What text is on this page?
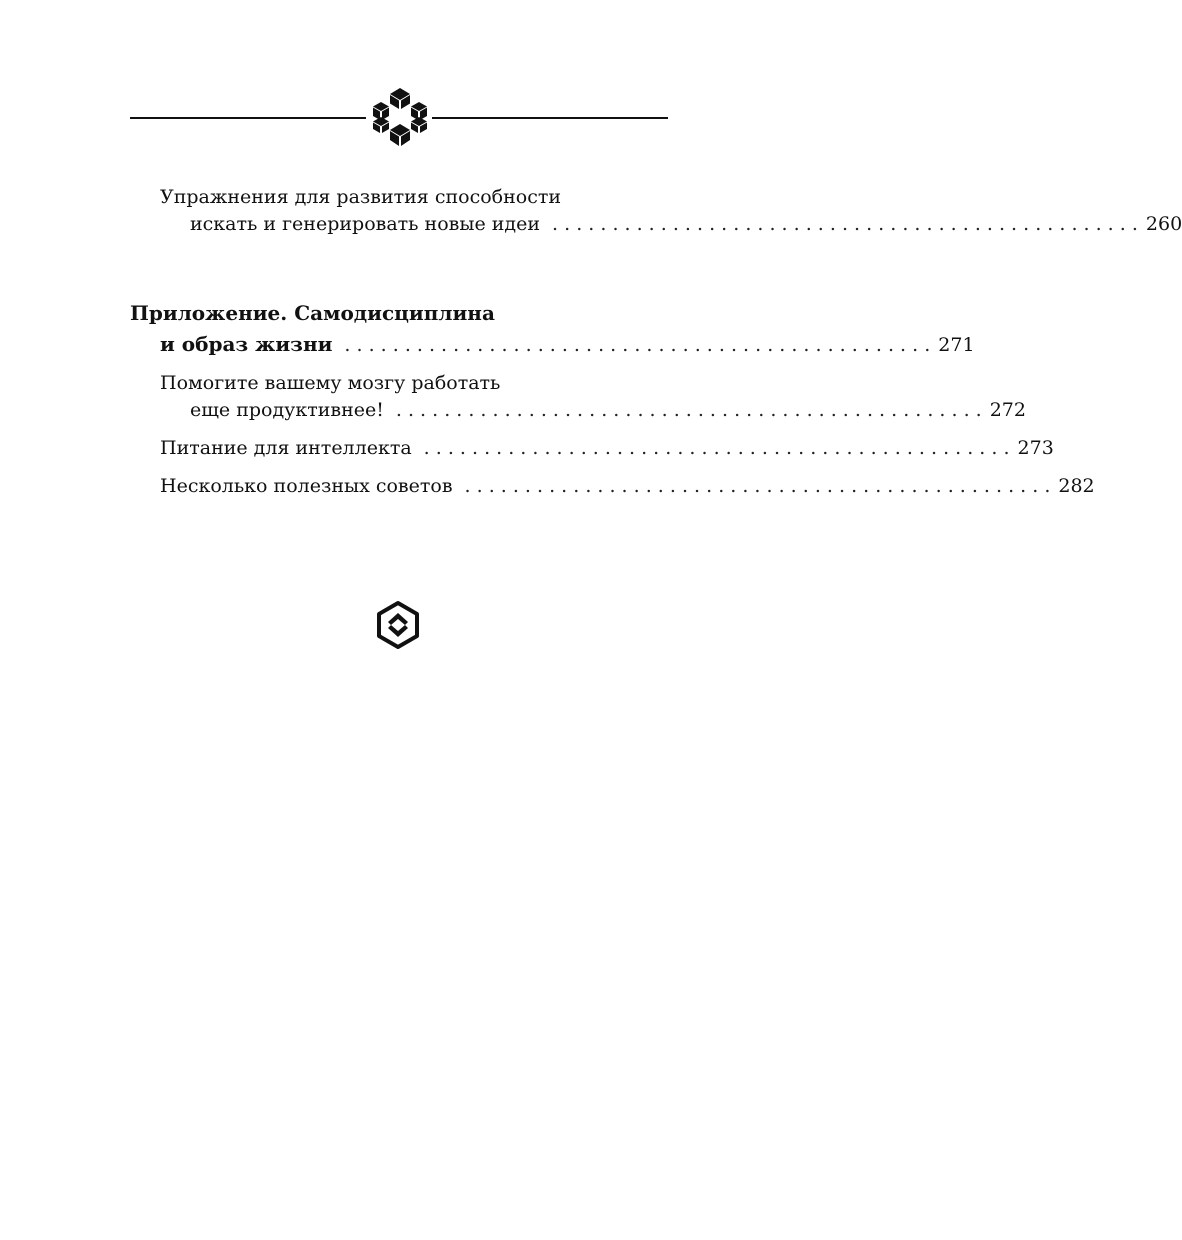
Упражнения для развития способности
искать и генерировать новые идеи . . . . . . . . . . . . . . . . . . . . . . . . . . . . . . . . . . . . . . . . . . . . . . . . . 260
Приложение. Самодисциплина
и образ жизни . . . . . . . . . . . . . . . . . . . . . . . . . . . . . . . . . . . . . . . . . . . . . . . . . 271
Помогите вашему мозгу работать
еще продуктивнее! . . . . . . . . . . . . . . . . . . . . . . . . . . . . . . . . . . . . . . . . . . . . . . . . . 272
Питание для интеллекта . . . . . . . . . . . . . . . . . . . . . . . . . . . . . . . . . . . . . . . . . . . . . . . . . 273
Несколько полезных советов . . . . . . . . . . . . . . . . . . . . . . . . . . . . . . . . . . . . . . . . . . . . . . . . . 282
